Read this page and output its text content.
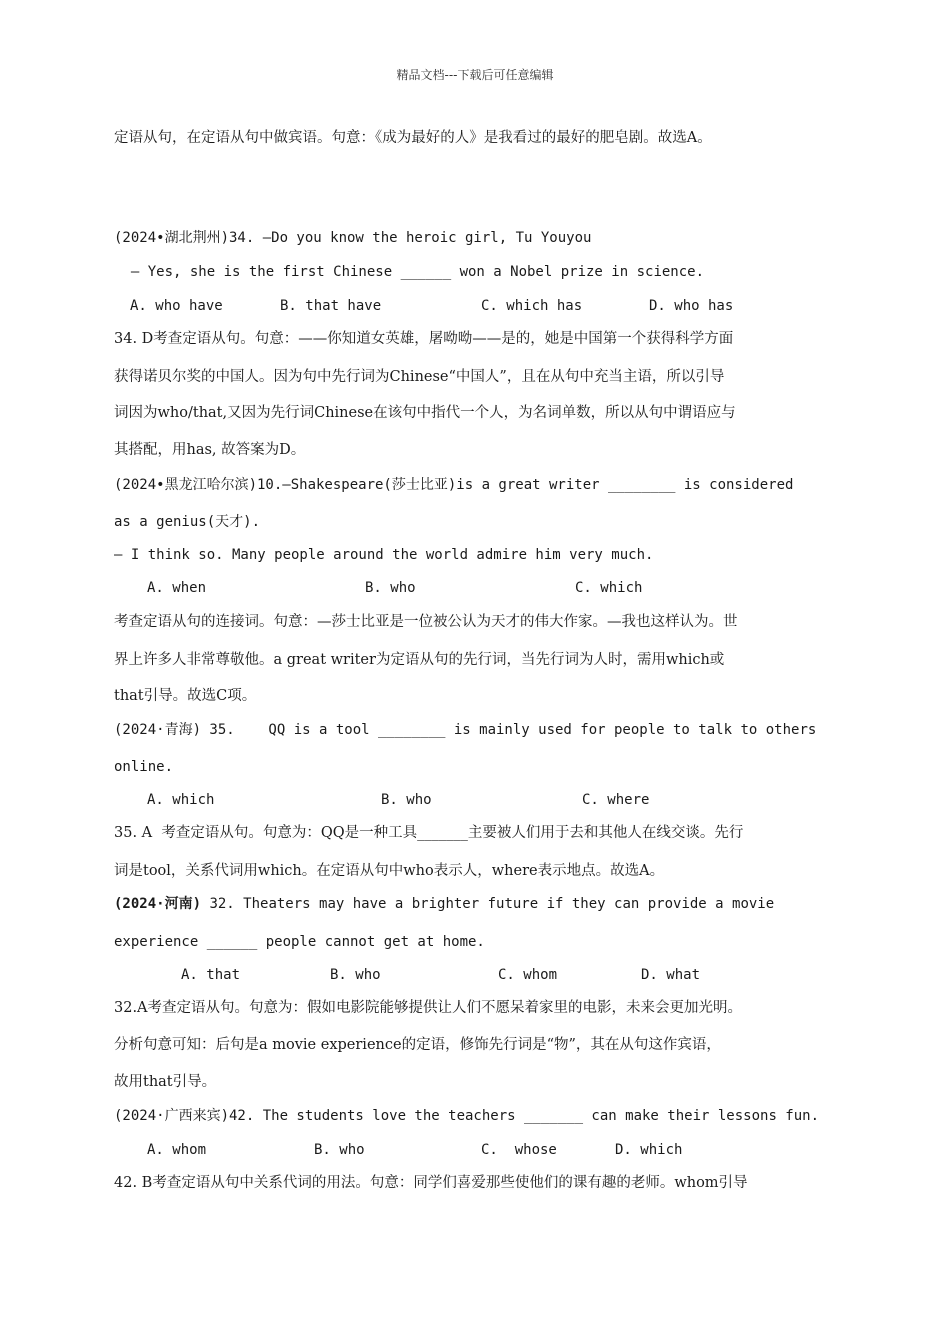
精品文档---下载后可任意编辑
定语从句，在定语从句中做宾语。句意：《成为最好的人》是我看过的最好的肥皂剧。故选A。
(2024•湖北荆州)34. —Do you know the heroic girl, Tu Youyou
— Yes, she is the first Chinese ______ won a Nobel prize in science.
A. who have	B. that have	C. which has	D. who has
34. D考查定语从句。句意：——你知道女英雄，屠呦呦——是的，她是中国第一个获得科学方面
获得诺贝尔奖的中国人。因为句中先行词为Chinese“中国人”，且在从句中充当主语，所以引导
词因为who/that,又因为先行词Chinese在该句中指代一个人，为名词单数，所以从句中谓语应与
其搭配，用has, 故答案为D。
(2024•黑龙江哈尔滨)10.—Shakespeare(莎士比亚)is a great writer ________ is considered
as a genius(天才).
— I think so. Many people around the world admire him very much.
A. when	B. who	C. which
考查定语从句的连接词。句意：—莎士比亚是一位被公认为天才的伟大作家。—我也这样认为。世
界上许多人非常尊敬他。a great writer为定语从句的先行词，当先行词为人时，需用which或
that引导。故选C项。
(2024·青海) 35.    QQ is a tool ________ is mainly used for people to talk to others
online.
A. which	B. who	C. where
35. A  考查定语从句。句意为：QQ是一种工具_______主要被人们用于去和其他人在线交谈。先行
词是tool，关系代词用which。在定语从句中who表示人，where表示地点。故选A。
(2024·河南) 32. Theaters may have a brighter future if they can provide a movie
experience ______ people cannot get at home.
A. that	B. who	C. whom	D. what
32.A考查定语从句。句意为：假如电影院能够提供让人们不愿呆着家里的电影，未来会更加光明。
分析句意可知：后句是a movie experience的定语，修饰先行词是“物”，其在从句这作宾语，
故用that引导。
(2024·广西来宾)42. The students love the teachers _______ can make their lessons fun.
A. whom	B. who	C.  whose	D. which
42. B考查定语从句中关系代词的用法。句意：同学们喜爱那些使他们的课有趣的老师。whom引导
